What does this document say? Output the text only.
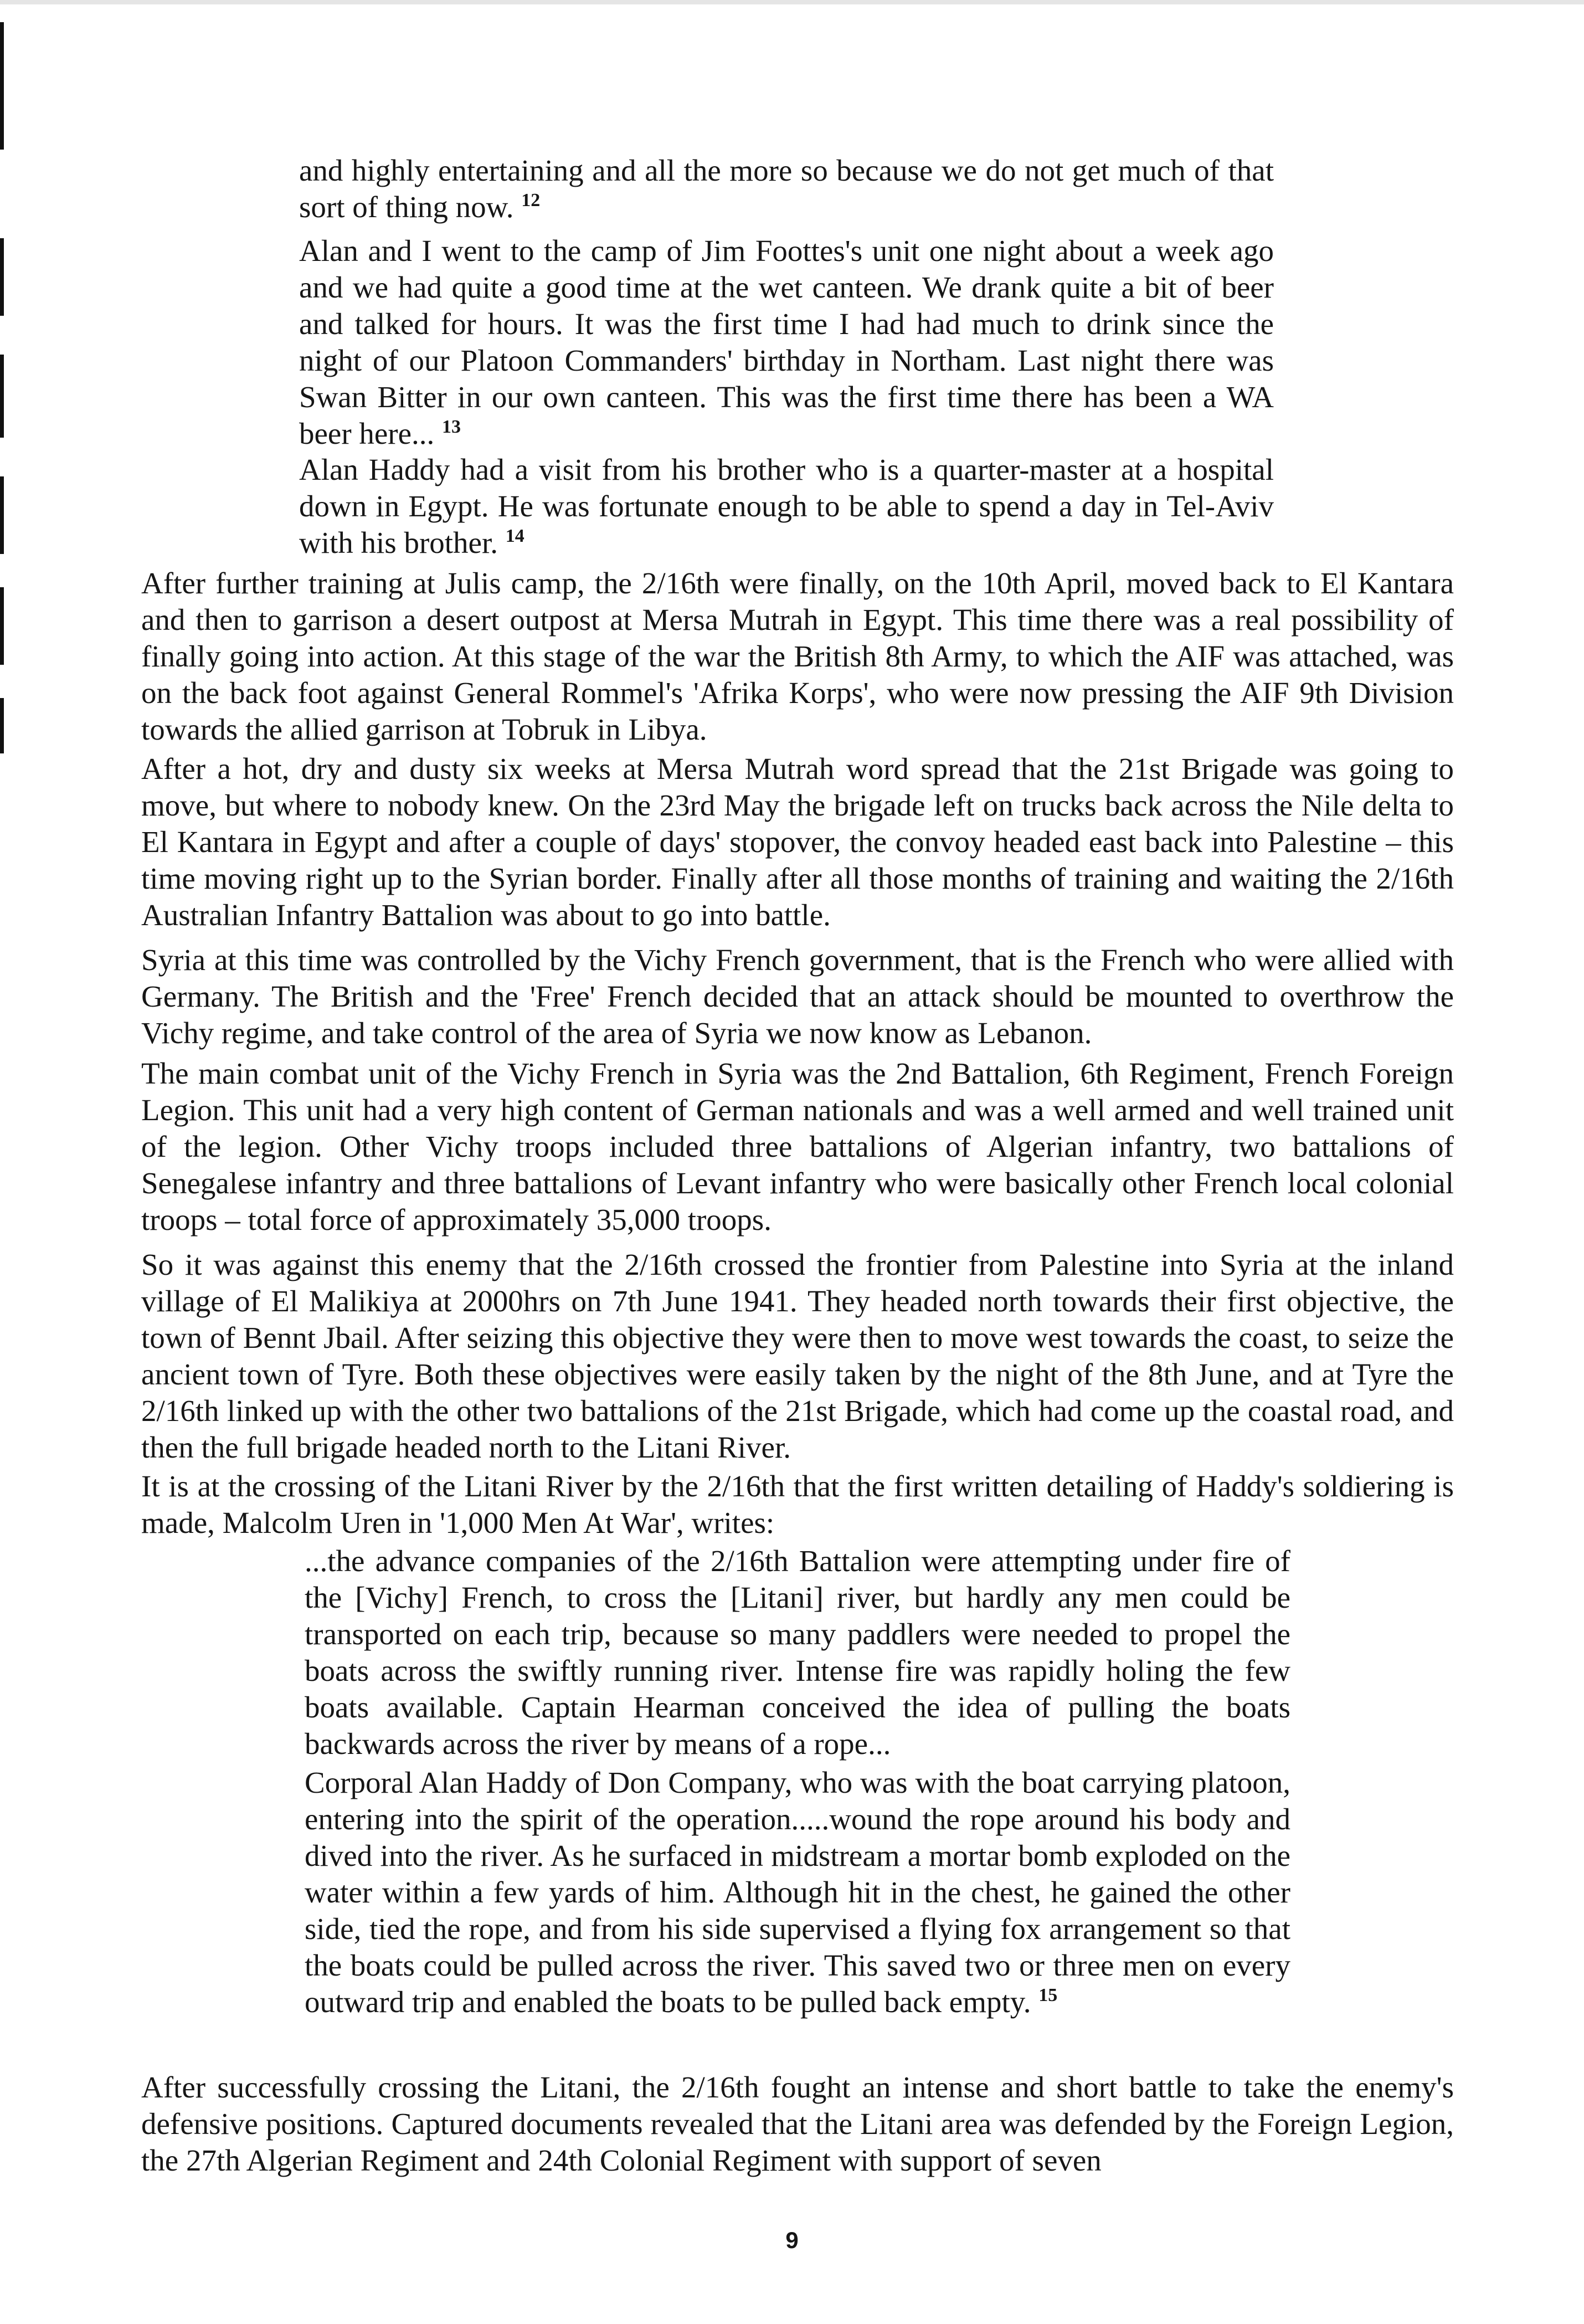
and highly entertaining and all the more so because we do not get much of that sort of thing now. $^{12}$

Alan and I went to the camp of Jim Foottes's unit one night about a week ago and we had quite a good time at the wet canteen. We drank quite a bit of beer and talked for hours. It was the first time I had had much to drink since the night of our Platoon Commanders' birthday in Northam. Last night there was Swan Bitter in our own canteen. This was the first time there has been a WA beer here... $^{13}$

Alan Haddy had a visit from his brother who is a quarter-master at a hospital down in Egypt. He was fortunate enough to be able to spend a day in Tel-Aviv with his brother. $^{14}$

After further training at Julis camp, the 2/16th were finally, on the 10th April, moved back to El Kantara and then to garrison a desert outpost at Mersa Mutrah in Egypt. This time there was a real possibility of finally going into action. At this stage of the war the British 8th Army, to which the AIF was attached, was on the back foot against General Rommel's 'Afrika Korps', who were now pressing the AIF 9th Division towards the allied garrison at Tobruk in Libya.

After a hot, dry and dusty six weeks at Mersa Mutrah word spread that the 21st Brigade was going to move, but where to nobody knew. On the 23rd May the brigade left on trucks back across the Nile delta to El Kantara in Egypt and after a couple of days' stopover, the convoy headed east back into Palestine – this time moving right up to the Syrian border. Finally after all those months of training and waiting the 2/16th Australian Infantry Battalion was about to go into battle.

Syria at this time was controlled by the Vichy French government, that is the French who were allied with Germany. The British and the 'Free' French decided that an attack should be mounted to overthrow the Vichy regime, and take control of the area of Syria we now know as Lebanon.

The main combat unit of the Vichy French in Syria was the 2nd Battalion, 6th Regiment, French Foreign Legion. This unit had a very high content of German nationals and was a well armed and well trained unit of the legion. Other Vichy troops included three battalions of Algerian infantry, two battalions of Senegalese infantry and three battalions of Levant infantry who were basically other French local colonial troops – total force of approximately 35,000 troops.

So it was against this enemy that the 2/16th crossed the frontier from Palestine into Syria at the inland village of El Malikiya at 2000hrs on 7th June 1941. They headed north towards their first objective, the town of Bennt Jbail. After seizing this objective they were then to move west towards the coast, to seize the ancient town of Tyre. Both these objectives were easily taken by the night of the 8th June, and at Tyre the 2/16th linked up with the other two battalions of the 21st Brigade, which had come up the coastal road, and then the full brigade headed north to the Litani River.

It is at the crossing of the Litani River by the 2/16th that the first written detailing of Haddy's soldiering is made, Malcolm Uren in '1,000 Men At War', writes:

...the advance companies of the 2/16th Battalion were attempting under fire of the [Vichy] French, to cross the [Litani] river, but hardly any men could be transported on each trip, because so many paddlers were needed to propel the boats across the swiftly running river. Intense fire was rapidly holing the few boats available. Captain Hearman conceived the idea of pulling the boats backwards across the river by means of a rope...

Corporal Alan Haddy of Don Company, who was with the boat carrying platoon, entering into the spirit of the operation.....wound the rope around his body and dived into the river. As he surfaced in midstream a mortar bomb exploded on the water within a few yards of him. Although hit in the chest, he gained the other side, tied the rope, and from his side supervised a flying fox arrangement so that the boats could be pulled across the river. This saved two or three men on every outward trip and enabled the boats to be pulled back empty. $^{15}$

After successfully crossing the Litani, the 2/16th fought an intense and short battle to take the enemy's defensive positions. Captured documents revealed that the Litani area was defended by the Foreign Legion, the 27th Algerian Regiment and 24th Colonial Regiment with support of seven

9
